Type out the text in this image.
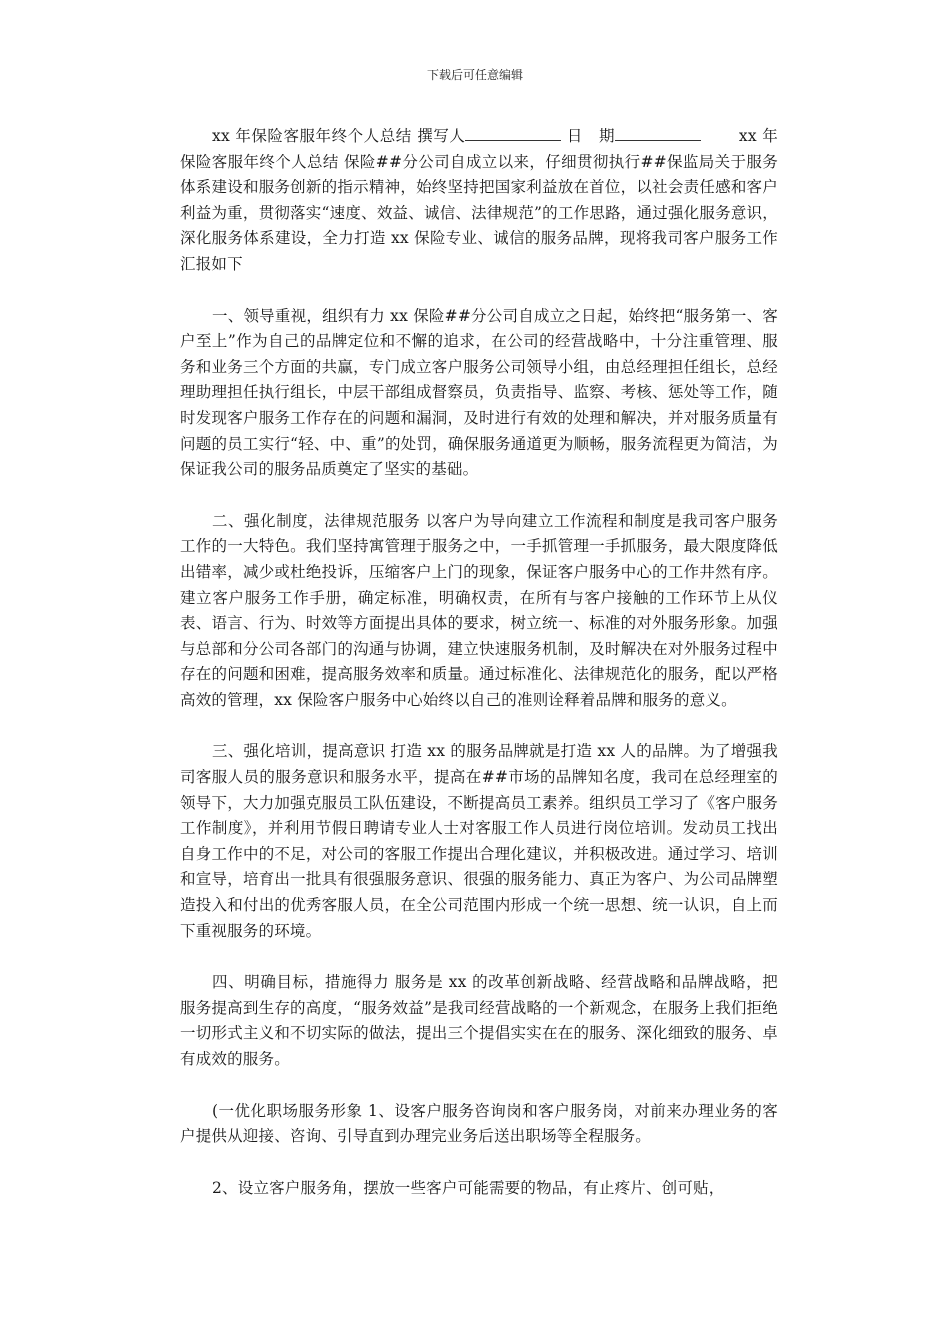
下载后可任意编辑

xx 年保险客服年终个人总结 撰写人	日　期　　	xx 年保险客服年终个人总结 保险##分公司自成立以来，仔细贯彻执行##保监局关于服务体系建设和服务创新的指示精神，始终坚持把国家利益放在首位，以社会责任感和客户利益为重，贯彻落实“速度、效益、诚信、法律规范”的工作思路，通过强化服务意识，深化服务体系建设，全力打造 xx 保险专业、诚信的服务品牌，现将我司客户服务工作汇报如下

一、领导重视，组织有力 xx 保险##分公司自成立之日起，始终把“服务第一、客户至上”作为自己的品牌定位和不懈的追求，在公司的经营战略中，十分注重管理、服务和业务三个方面的共赢，专门成立客户服务公司领导小组，由总经理担任组长，总经理助理担任执行组长，中层干部组成督察员，负责指导、监察、考核、惩处等工作，随时发现客户服务工作存在的问题和漏洞，及时进行有效的处理和解决，并对服务质量有问题的员工实行“轻、中、重”的处罚，确保服务通道更为顺畅，服务流程更为简洁，为保证我公司的服务品质奠定了坚实的基础。

二、强化制度，法律规范服务 以客户为导向建立工作流程和制度是我司客户服务工作的一大特色。我们坚持寓管理于服务之中，一手抓管理一手抓服务，最大限度降低出错率，减少或杜绝投诉，压缩客户上门的现象，保证客户服务中心的工作井然有序。建立客户服务工作手册，确定标准，明确权责，在所有与客户接触的工作环节上从仪表、语言、行为、时效等方面提出具体的要求，树立统一、标准的对外服务形象。加强与总部和分公司各部门的沟通与协调，建立快速服务机制，及时解决在对外服务过程中存在的问题和困难，提高服务效率和质量。通过标准化、法律规范化的服务，配以严格高效的管理，xx 保险客户服务中心始终以自己的准则诠释着品牌和服务的意义。

三、强化培训，提高意识 打造 xx 的服务品牌就是打造 xx 人的品牌。为了增强我司客服人员的服务意识和服务水平，提高在##市场的品牌知名度，我司在总经理室的领导下，大力加强克服员工队伍建设，不断提高员工素养。组织员工学习了《客户服务工作制度》，并利用节假日聘请专业人士对客服工作人员进行岗位培训。发动员工找出自身工作中的不足，对公司的客服工作提出合理化建议，并积极改进。通过学习、培训和宣导，培育出一批具有很强服务意识、很强的服务能力、真正为客户、为公司品牌塑造投入和付出的优秀客服人员，在全公司范围内形成一个统一思想、统一认识，自上而下重视服务的环境。

四、明确目标，措施得力 服务是 xx 的改革创新战略、经营战略和品牌战略，把服务提高到生存的高度，“服务效益”是我司经营战略的一个新观念，在服务上我们拒绝一切形式主义和不切实际的做法，提出三个提倡实实在在的服务、深化细致的服务、卓有成效的服务。

(一优化职场服务形象 1、设客户服务咨询岗和客户服务岗，对前来办理业务的客户提供从迎接、咨询、引导直到办理完业务后送出职场等全程服务。

2、设立客户服务角，摆放一些客户可能需要的物品，有止疼片、创可贴，
